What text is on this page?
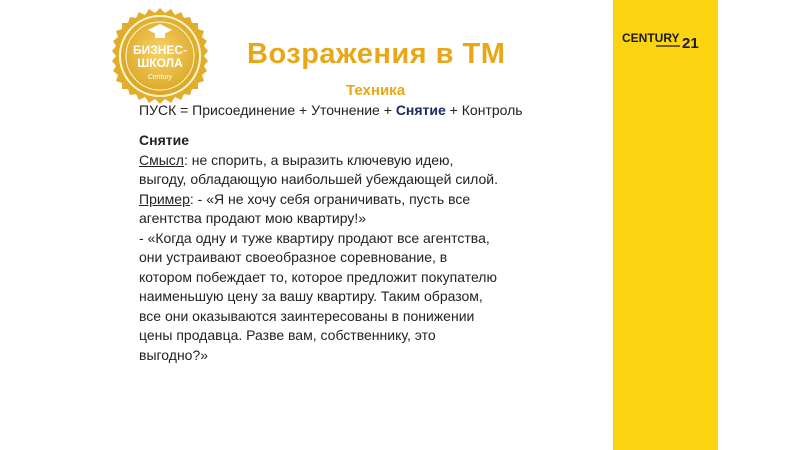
БИЗНЕС-
ШКОЛА
Century
Возражения в ТМ
Техника
ПУСК = Присоединение + Уточнение + Снятие + Контроль
Снятие
Смысл: не спорить, а выразить ключевую идею,
выгоду, обладающую наибольшей убеждающей силой.
Пример: - «Я не хочу себя ограничивать, пусть все
агентства продают мою квартиру!»
- «Когда одну и туже квартиру продают все агентства,
они устраивают своеобразное соревнование, в
котором побеждает то, которое предложит покупателю
наименьшую цену за вашу квартиру. Таким образом,
все они оказываются заинтересованы в понижении
цены продавца. Разве вам, собственнику, это
выгодно?»
CENTURY 21
